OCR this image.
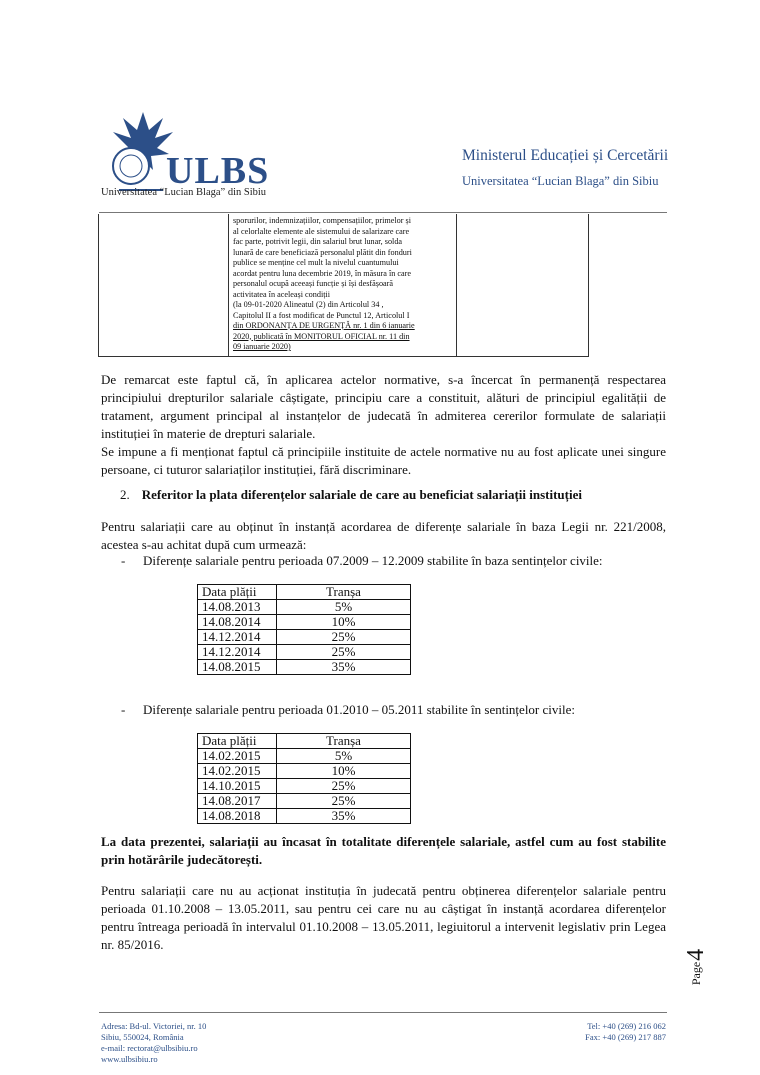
ULBS
Universitatea “Lucian Blaga” din Sibiu
Ministerul Educației și Cercetării
Universitatea “Lucian Blaga” din Sibiu

sporurilor, indemnizațiilor, compensațiilor, primelor și

al celorlalte elemente ale sistemului de salarizare care

fac parte, potrivit legii, din salariul brut lunar, solda

lunară de care beneficiază personalul plătit din fonduri

publice se menține cel mult la nivelul cuantumului

acordat pentru luna decembrie 2019, în măsura în care

personalul ocupă aceeași funcție și își desfășoară

activitatea în aceleași condiții

(la 09-01-2020 Alineatul (2) din Articolul 34 ,

Capitolul II a fost modificat de Punctul 12, Articolul I

din ORDONANȚA DE URGENȚĂ nr. 1 din 6 ianuarie

2020, publicată în MONITORUL OFICIAL nr. 11 din

09 ianuarie 2020)

De remarcat este faptul că, în aplicarea actelor normative, s-a încercat în permanență respectarea principiului drepturilor salariale câștigate, principiu care a constituit, alături de principiul egalității de tratament, argument principal al instanțelor de judecată în admiterea cererilor formulate de salariații instituției în materie de drepturi salariale.

Se impune a fi menționat faptul că principiile instituite de actele normative nu au fost aplicate unei singure persoane, ci tuturor salariaților instituției, fără discriminare.

2. Referitor la plata diferențelor salariale de care au beneficiat salariații instituției

Pentru salariații care au obținut în instanță acordarea de diferențe salariale în baza Legii nr. 221/2008, acestea s-au achitat după cum urmează:

- Diferențe salariale pentru perioada 07.2009 – 12.2009 stabilite în baza sentințelor civile:
Data plății	Tranșa
14.08.2013	5%
14.08.2014	10%
14.12.2014	25%
14.12.2014	25%
14.08.2015	35%
- Diferențe salariale pentru perioada 01.2010 – 05.2011 stabilite în sentințelor civile:
Data plății	Tranșa
14.02.2015	5%
14.02.2015	10%
14.10.2015	25%
14.08.2017	25%
14.08.2018	35%

La data prezentei, salariații au încasat în totalitate diferențele salariale, astfel cum au fost stabilite prin hotărârile judecătorești.

Pentru salariații care nu au acționat instituția în judecată pentru obținerea diferențelor salariale pentru perioada 01.10.2008 – 13.05.2011, sau pentru cei care nu au câștigat în instanță acordarea diferențelor pentru întreaga perioadă în intervalul 01.10.2008 – 13.05.2011, legiuitorul a intervenit legislativ prin Legea nr. 85/2016.

Page
4
Adresa: Bd-ul. Victoriei, nr. 10
Sibiu, 550024, România
e-mail: rectorat@ulbsibiu.ro
www.ulbsibiu.ro
Tel: +40 (269) 216 062
Fax: +40 (269) 217 887
